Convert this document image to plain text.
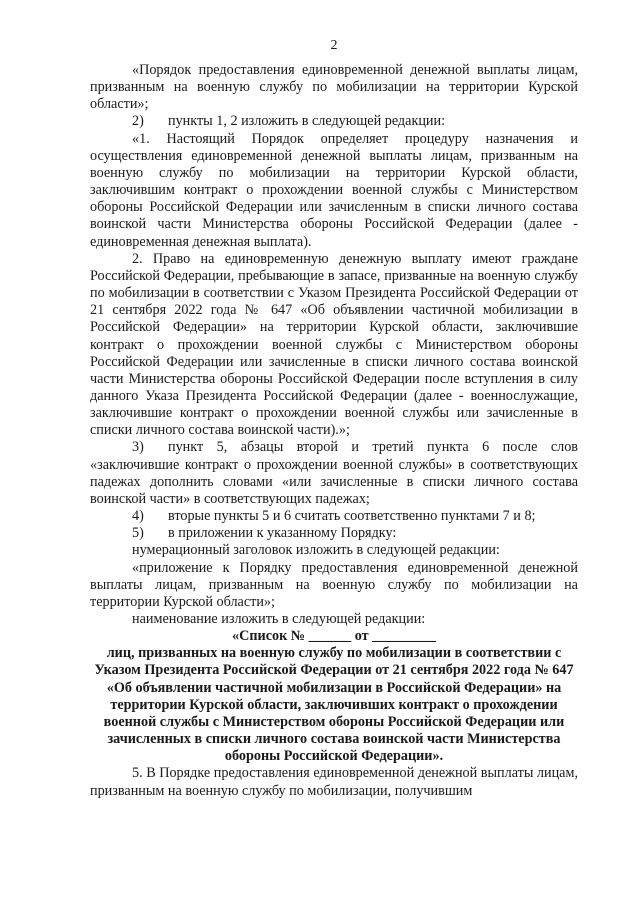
2

«Порядок предоставления единовременной денежной выплаты лицам, призванным на военную службу по мобилизации на территории Курской области»;

2) пункты 1, 2 изложить в следующей редакции:

«1. Настоящий Порядок определяет процедуру назначения и осуществления единовременной денежной выплаты лицам, призванным на военную службу по мобилизации на территории Курской области, заключившим контракт о прохождении военной службы с Министерством обороны Российской Федерации или зачисленным в списки личного состава воинской части Министерства обороны Российской Федерации (далее - единовременная денежная выплата).

2. Право на единовременную денежную выплату имеют граждане Российской Федерации, пребывающие в запасе, призванные на военную службу по мобилизации в соответствии с Указом Президента Российской Федерации от 21 сентября 2022 года № 647 «Об объявлении частичной мобилизации в Российской Федерации» на территории Курской области, заключившие контракт о прохождении военной службы с Министерством обороны Российской Федерации или зачисленные в списки личного состава воинской части Министерства обороны Российской Федерации после вступления в силу данного Указа Президента Российской Федерации (далее - военнослужащие, заключившие контракт о прохождении военной службы или зачисленные в списки личного состава воинской части).»;

3) пункт 5, абзацы второй и третий пункта 6 после слов «заключившие контракт о прохождении военной службы» в соответствующих падежах дополнить словами «или зачисленные в списки личного состава воинской части» в соответствующих падежах;

4) вторые пункты 5 и 6 считать соответственно пунктами 7 и 8;

5) в приложении к указанному Порядку:

нумерационный заголовок изложить в следующей редакции:

«приложение к Порядку предоставления единовременной денежной выплаты лицам, призванным на военную службу по мобилизации на территории Курской области»;

наименование изложить в следующей редакции:

«Список № ______ от _________

лиц, призванных на военную службу по мобилизации в соответствии с Указом Президента Российской Федерации от 21 сентября 2022 года № 647 «Об объявлении частичной мобилизации в Российской Федерации» на территории Курской области, заключивших контракт о прохождении военной службы с Министерством обороны Российской Федерации или зачисленных в списки личного состава воинской части Министерства обороны Российской Федерации».

5. В Порядке предоставления единовременной денежной выплаты лицам, призванным на военную службу по мобилизации, получившим
